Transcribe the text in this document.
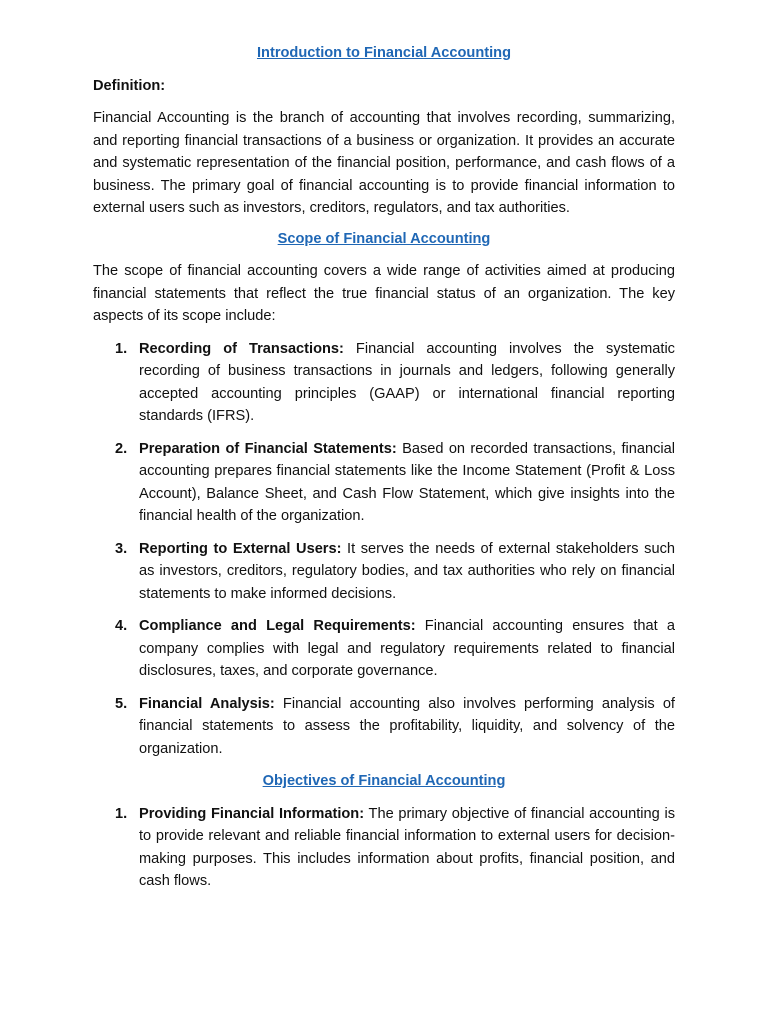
Introduction to Financial Accounting

Definition:

Financial Accounting is the branch of accounting that involves recording, summarizing, and reporting financial transactions of a business or organization. It provides an accurate and systematic representation of the financial position, performance, and cash flows of a business. The primary goal of financial accounting is to provide financial information to external users such as investors, creditors, regulators, and tax authorities.

Scope of Financial Accounting

The scope of financial accounting covers a wide range of activities aimed at producing financial statements that reflect the true financial status of an organization. The key aspects of its scope include:

1. Recording of Transactions: Financial accounting involves the systematic recording of business transactions in journals and ledgers, following generally accepted accounting principles (GAAP) or international financial reporting standards (IFRS).
2. Preparation of Financial Statements: Based on recorded transactions, financial accounting prepares financial statements like the Income Statement (Profit & Loss Account), Balance Sheet, and Cash Flow Statement, which give insights into the financial health of the organization.
3. Reporting to External Users: It serves the needs of external stakeholders such as investors, creditors, regulatory bodies, and tax authorities who rely on financial statements to make informed decisions.
4. Compliance and Legal Requirements: Financial accounting ensures that a company complies with legal and regulatory requirements related to financial disclosures, taxes, and corporate governance.
5. Financial Analysis: Financial accounting also involves performing analysis of financial statements to assess the profitability, liquidity, and solvency of the organization.

Objectives of Financial Accounting

1. Providing Financial Information: The primary objective of financial accounting is to provide relevant and reliable financial information to external users for decision-making purposes. This includes information about profits, financial position, and cash flows.
